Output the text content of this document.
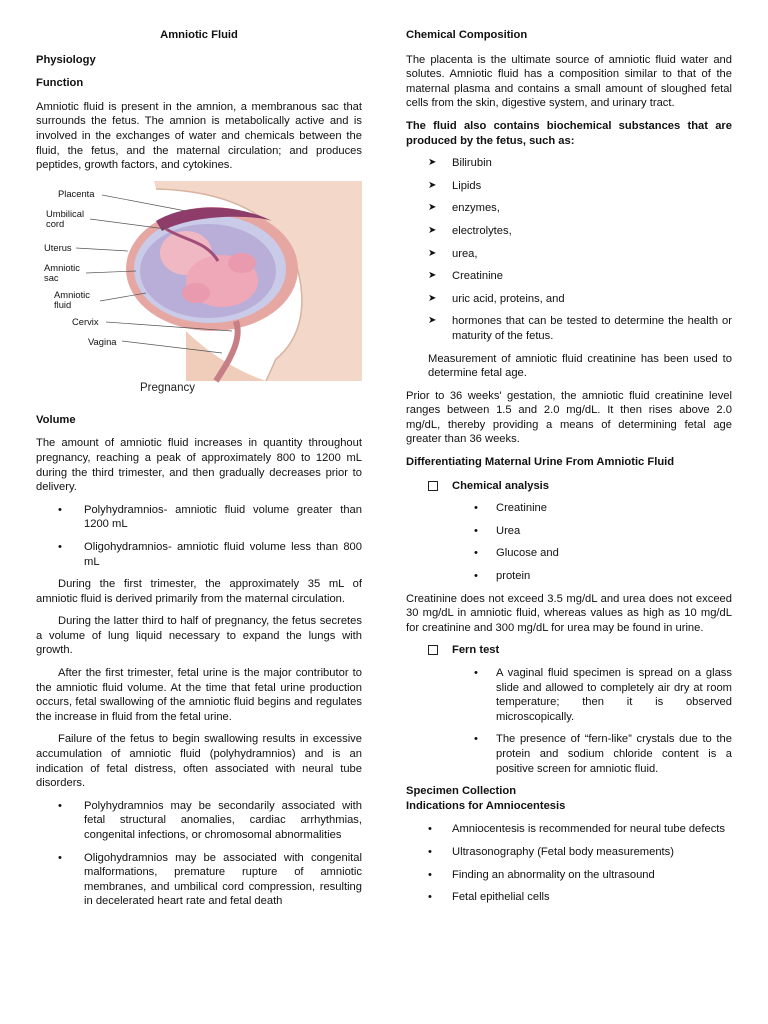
Amniotic Fluid
Physiology
Function

Amniotic fluid is present in the amnion, a membranous sac that surrounds the fetus. The amnion is metabolically active and is involved in the exchanges of water and chemicals between the fluid, the fetus, and the maternal circulation; and produces peptides, growth factors, and cytokines.

Placenta
Umbilical cord
Uterus
Amniotic sac
Amniotic fluid
Cervix
Vagina
Pregnancy
Volume

The amount of amniotic fluid increases in quantity throughout pregnancy, reaching a peak of approximately 800 to 1200 mL during the third trimester, and then gradually decreases prior to delivery.

• Polyhydramnios- amniotic fluid volume greater than 1200 mL
• Oligohydramnios- amniotic fluid volume less than 800 mL

During the first trimester, the approximately 35 mL of amniotic fluid is derived primarily from the maternal circulation.

During the latter third to half of pregnancy, the fetus secretes a volume of lung liquid necessary to expand the lungs with growth.

After the first trimester, fetal urine is the major contributor to the amniotic fluid volume. At the time that fetal urine production occurs, fetal swallowing of the amniotic fluid begins and regulates the increase in fluid from the fetal urine.

Failure of the fetus to begin swallowing results in excessive accumulation of amniotic fluid (polyhydramnios) and is an indication of fetal distress, often associated with neural tube disorders.

• Polyhydramnios may be secondarily associated with fetal structural anomalies, cardiac arrhythmias, congenital infections, or chromosomal abnormalities
• Oligohydramnios may be associated with congenital malformations, premature rupture of amniotic membranes, and umbilical cord compression, resulting in decelerated heart rate and fetal death
Chemical Composition

The placenta is the ultimate source of amniotic fluid water and solutes. Amniotic fluid has a composition similar to that of the maternal plasma and contains a small amount of sloughed fetal cells from the skin, digestive system, and urinary tract.

The fluid also contains biochemical substances that are produced by the fetus, such as:

➤ Bilirubin
➤ Lipids
➤ enzymes,
➤ electrolytes,
➤ urea,
➤ Creatinine
➤ uric acid, proteins, and
➤ hormones that can be tested to determine the health or maturity of the fetus.

Measurement of amniotic fluid creatinine has been used to determine fetal age.

Prior to 36 weeks' gestation, the amniotic fluid creatinine level ranges between 1.5 and 2.0 mg/dL. It then rises above 2.0 mg/dL, thereby providing a means of determining fetal age greater than 36 weeks.

Differentiating Maternal Urine From Amniotic Fluid
Chemical analysis
• Creatinine
• Urea
• Glucose and
• protein

Creatinine does not exceed 3.5 mg/dL and urea does not exceed 30 mg/dL in amniotic fluid, whereas values as high as 10 mg/dL for creatinine and 300 mg/dL for urea may be found in urine.

Fern test
• A vaginal fluid specimen is spread on a glass slide and allowed to completely air dry at room temperature; then it is observed microscopically.
• The presence of “fern-like” crystals due to the protein and sodium chloride content is a positive screen for amniotic fluid.
Specimen Collection
Indications for Amniocentesis
• Amniocentesis is recommended for neural tube defects
• Ultrasonography (Fetal body measurements)
• Finding an abnormality on the ultrasound
• Fetal epithelial cells
